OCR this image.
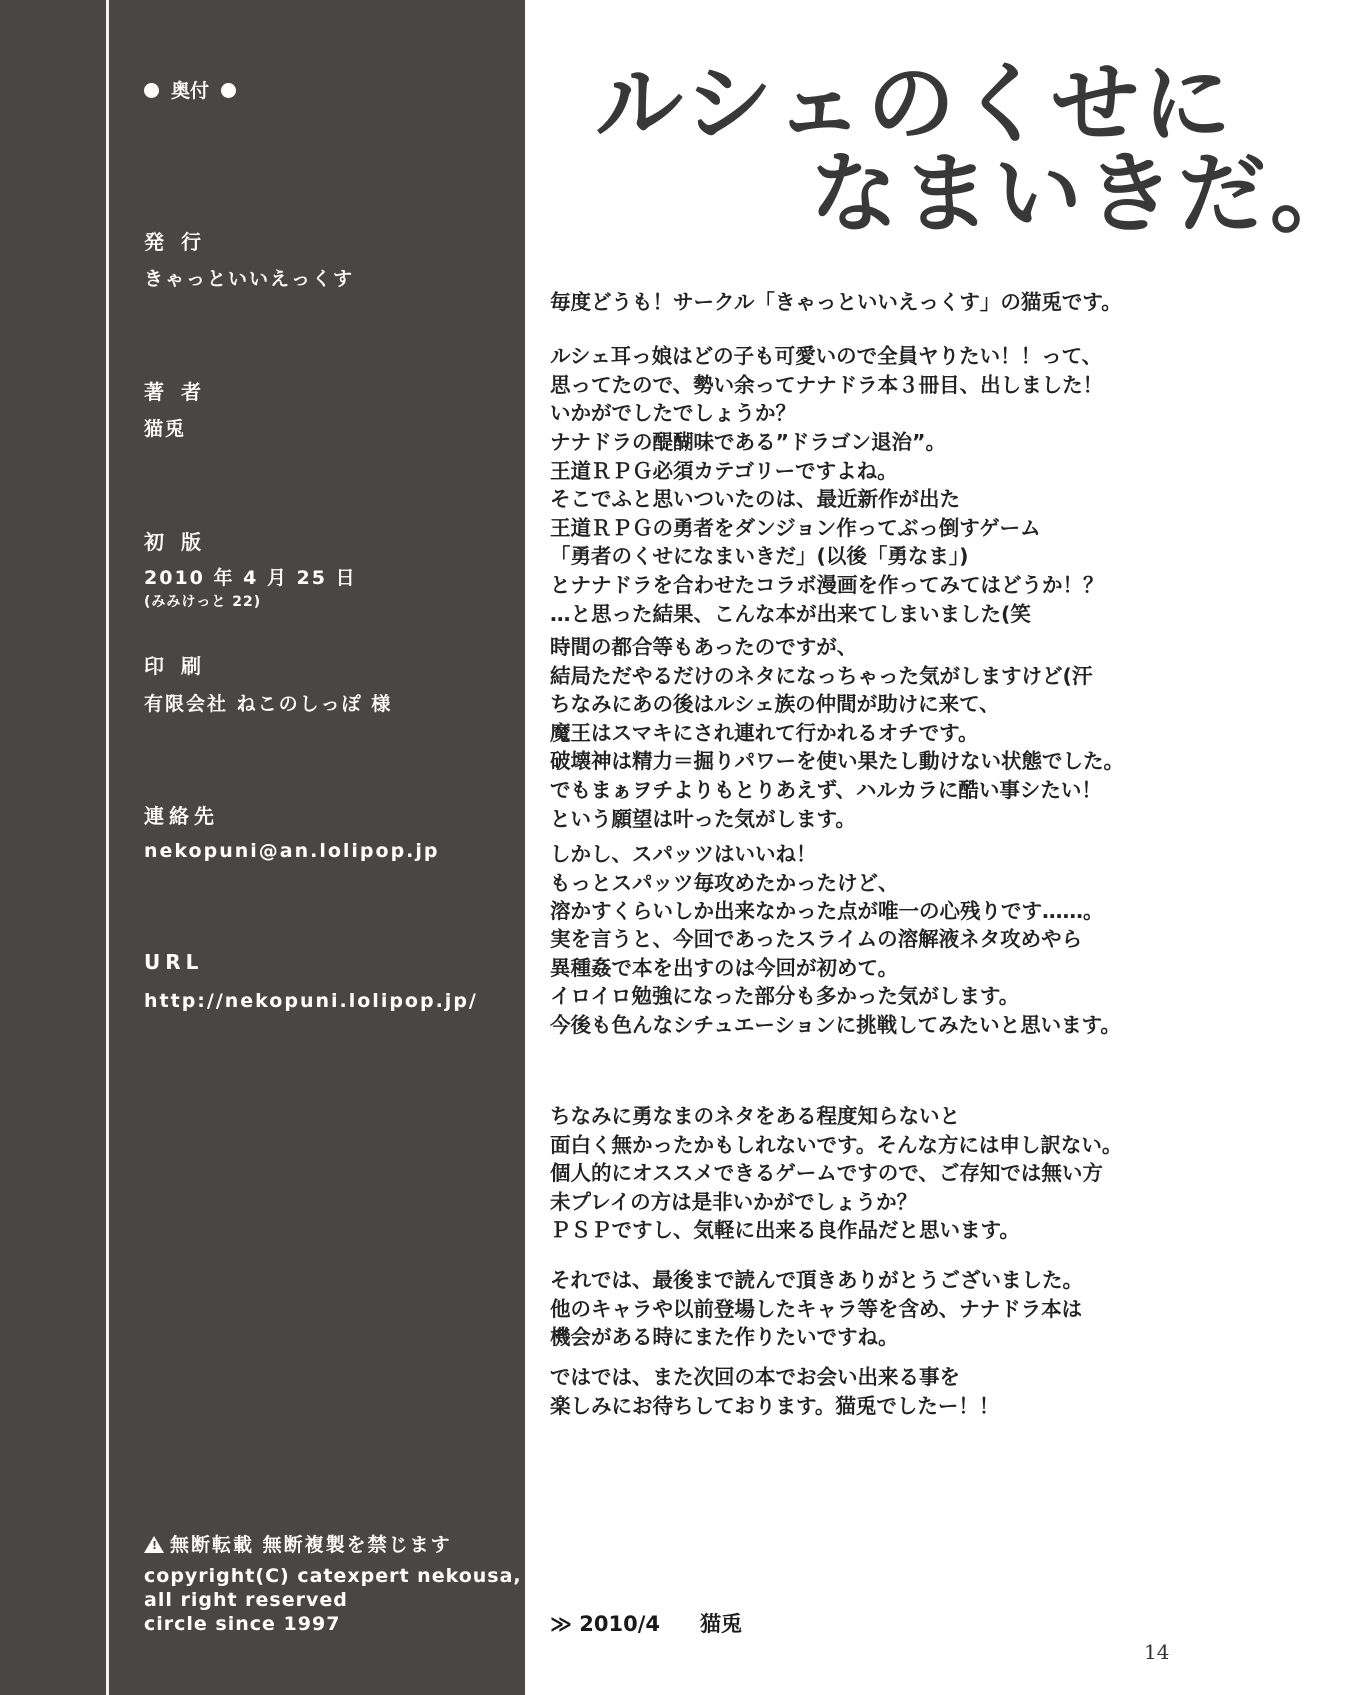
奥付
発 行
きゃっといいえっくす
著 者
猫兎
初 版
2010 年 4 月 25 日
(みみけっと 22)
印 刷
有限会社 ねこのしっぽ 様
連絡先
nekopuni@an.lolipop.jp
URL
http://nekopuni.lolipop.jp/
! 無断転載 無断複製を禁じます
copyright(C) catexpert nekousa,
all right reserved
circle since 1997
ルシェのくせに
なまいきだ。
毎度どうも！サークル「きゃっといいえっくす」の猫兎です。
ルシェ耳っ娘はどの子も可愛いので全員ヤりたい！！って、
思ってたので、勢い余ってナナドラ本３冊目、出しました！
いかがでしたでしょうか？
ナナドラの醍醐味である”ドラゴン退治”。
王道ＲＰＧ必須カテゴリーですよね。
そこでふと思いついたのは、最近新作が出た
王道ＲＰＧの勇者をダンジョン作ってぶっ倒すゲーム
「勇者のくせになまいきだ」(以後「勇なま」)
とナナドラを合わせたコラボ漫画を作ってみてはどうか！？
…と思った結果、こんな本が出来てしまいました(笑
時間の都合等もあったのですが、
結局ただやるだけのネタになっちゃった気がしますけど(汗
ちなみにあの後はルシェ族の仲間が助けに来て、
魔王はスマキにされ連れて行かれるオチです。
破壊神は精力＝掘りパワーを使い果たし動けない状態でした。
でもまぁヲチよりもとりあえず、ハルカラに酷い事シたい！
という願望は叶った気がします。
しかし、スパッツはいいね！
もっとスパッツ毎攻めたかったけど、
溶かすくらいしか出来なかった点が唯一の心残りです……。
実を言うと、今回であったスライムの溶解液ネタ攻めやら
異種姦で本を出すのは今回が初めて。
イロイロ勉強になった部分も多かった気がします。
今後も色んなシチュエーションに挑戦してみたいと思います。
ちなみに勇なまのネタをある程度知らないと
面白く無かったかもしれないです。そんな方には申し訳ない。
個人的にオススメできるゲームですので、ご存知では無い方
未プレイの方は是非いかがでしょうか？
ＰＳＰですし、気軽に出来る良作品だと思います。
それでは、最後まで読んで頂きありがとうございました。
他のキャラや以前登場したキャラ等を含め、ナナドラ本は
機会がある時にまた作りたいですね。
ではでは、また次回の本でお会い出来る事を
楽しみにお待ちしております。猫兎でしたー！！
≫ 2010/4 猫兎
14
